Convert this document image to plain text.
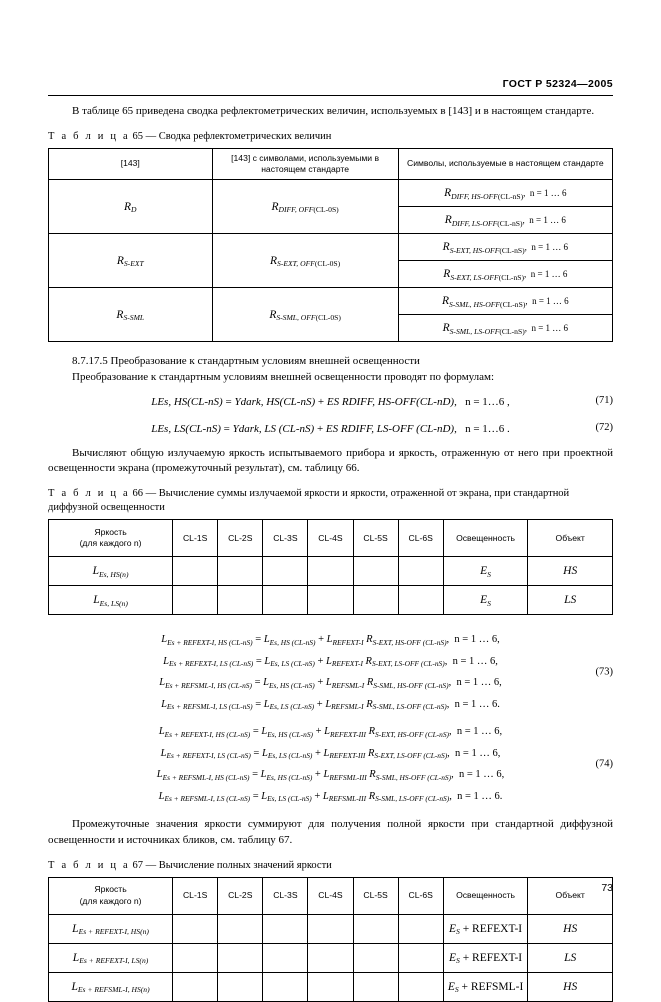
ГОСТ Р 52324—2005

В таблице 65 приведена сводка рефлектометрических величин, используемых в [143] и в настоящем стандарте.

Т а б л и ц а 65 — Сводка рефлектометрических величин
[143]	[143] с символами, используемыми в настоящем стандарте	Символы, используемые в настоящем стандарте
$R_D$	$R_{DIFF, OFF(CL-0S)}$	$R_{DIFF, HS-OFF(CL-nS)}$,  n = 1 … 6
		$R_{DIFF, LS-OFF(CL-nS)}$,  n = 1 … 6
$R_{S-EXT}$	$R_{S-EXT, OFF(CL-0S)}$	$R_{S-EXT, HS-OFF(CL-nS)}$,  n = 1 … 6
		$R_{S-EXT, LS-OFF(CL-nS)}$,  n = 1 … 6
$R_{S-SML}$	$R_{S-SML, OFF(CL-0S)}$	$R_{S-SML, HS-OFF(CL-nS)}$,  n = 1 … 6
		$R_{S-SML, LS-OFF(CL-nS)}$,  n = 1 … 6

8.7.17.5 Преобразование к стандартным условиям внешней освещенности

Преобразование к стандартным условиям внешней освещенности проводят по формулам:

LEs, HS(CL-nS) = Ydark, HS(CL-nS) + ES RDIFF, HS-OFF(CL-nD),   n = 1…6 ,	(71)
LEs, LS(CL-nS) = Ydark, LS (CL-nS) + ES RDIFF, LS-OFF (CL-nD),   n = 1…6 .	(72)

Вычисляют общую излучаемую яркость испытываемого прибора и яркость, отраженную от него при проектной освещенности экрана (промежуточный результат), см. таблицу 66.

Т а б л и ц а 66 — Вычисление суммы излучаемой яркости и яркости, отраженной от экрана, при стандартной диффузной освещенности
Яркость
(для каждого n)	CL-1S	CL-2S	CL-3S	CL-4S	CL-5S	CL-6S	Освещенность	Объект
$L_{Es, HS(n)}$							$E_S$	HS
$L_{Es, LS(n)}$							$E_S$	LS
$L_{Es + REFEXT-I, HS (CL-nS)} = L_{Es, HS (CL-nS)} + L_{REFEXT-I}$ $R_{S-EXT, HS-OFF (CL-nS)}$,  n = 1 … 6,
$L_{Es + REFEXT-I, LS (CL-nS)} = L_{Es, LS (CL-nS)} + L_{REFEXT-I}$ $R_{S-EXT, LS-OFF (CL-nS)}$,  n = 1 … 6,
$L_{Es + REFSML-I, HS (CL-nS)} = L_{Es, HS (CL-nS)} + L_{REFSML-I}$ $R_{S-SML, HS-OFF (CL-nS)}$,  n = 1 … 6,
$L_{Es + REFSML-I, LS (CL-nS)} = L_{Es, LS (CL-nS)} + L_{REFSML-I}$ $R_{S-SML, LS-OFF (CL-nS)}$,  n = 1 … 6.
(73)
$L_{Es + REFEXT-I, HS (CL-nS)} = L_{Es, HS (CL-nS)} + L_{REFEXT-III}$ $R_{S-EXT, HS-OFF (CL-nS)}$,  n = 1 … 6,
$L_{Es + REFEXT-I, LS (CL-nS)} = L_{Es, LS (CL-nS)} + L_{REFEXT-III}$ $R_{S-EXT, LS-OFF (CL-nS)}$,  n = 1 … 6,
$L_{Es + REFSML-I, HS (CL-nS)} = L_{Es, HS (CL-nS)} + L_{REFSML-III}$ $R_{S-SML, HS-OFF (CL-nS)}$,  n = 1 … 6,
$L_{Es + REFSML-I, LS (CL-nS)} = L_{Es, LS (CL-nS)} + L_{REFSML-III}$ $R_{S-SML, LS-OFF (CL-nS)}$,  n = 1 … 6.
(74)

Промежуточные значения яркости суммируют для получения полной яркости при стандартной диффузной освещенности и источниках бликов, см. таблицу 67.

Т а б л и ц а 67 — Вычисление полных значений яркости
Яркость
(для каждого n)	CL-1S	CL-2S	CL-3S	CL-4S	CL-5S	CL-6S	Освещенность	Объект
$L_{Es + REFEXT-I, HS(n)}$							$E_S$ + REFEXT-I	HS
$L_{Es + REFEXT-I, LS(n)}$							$E_S$ + REFEXT-I	LS
$L_{Es + REFSML-I, HS(n)}$							$E_S$ + REFSML-I	HS
73
